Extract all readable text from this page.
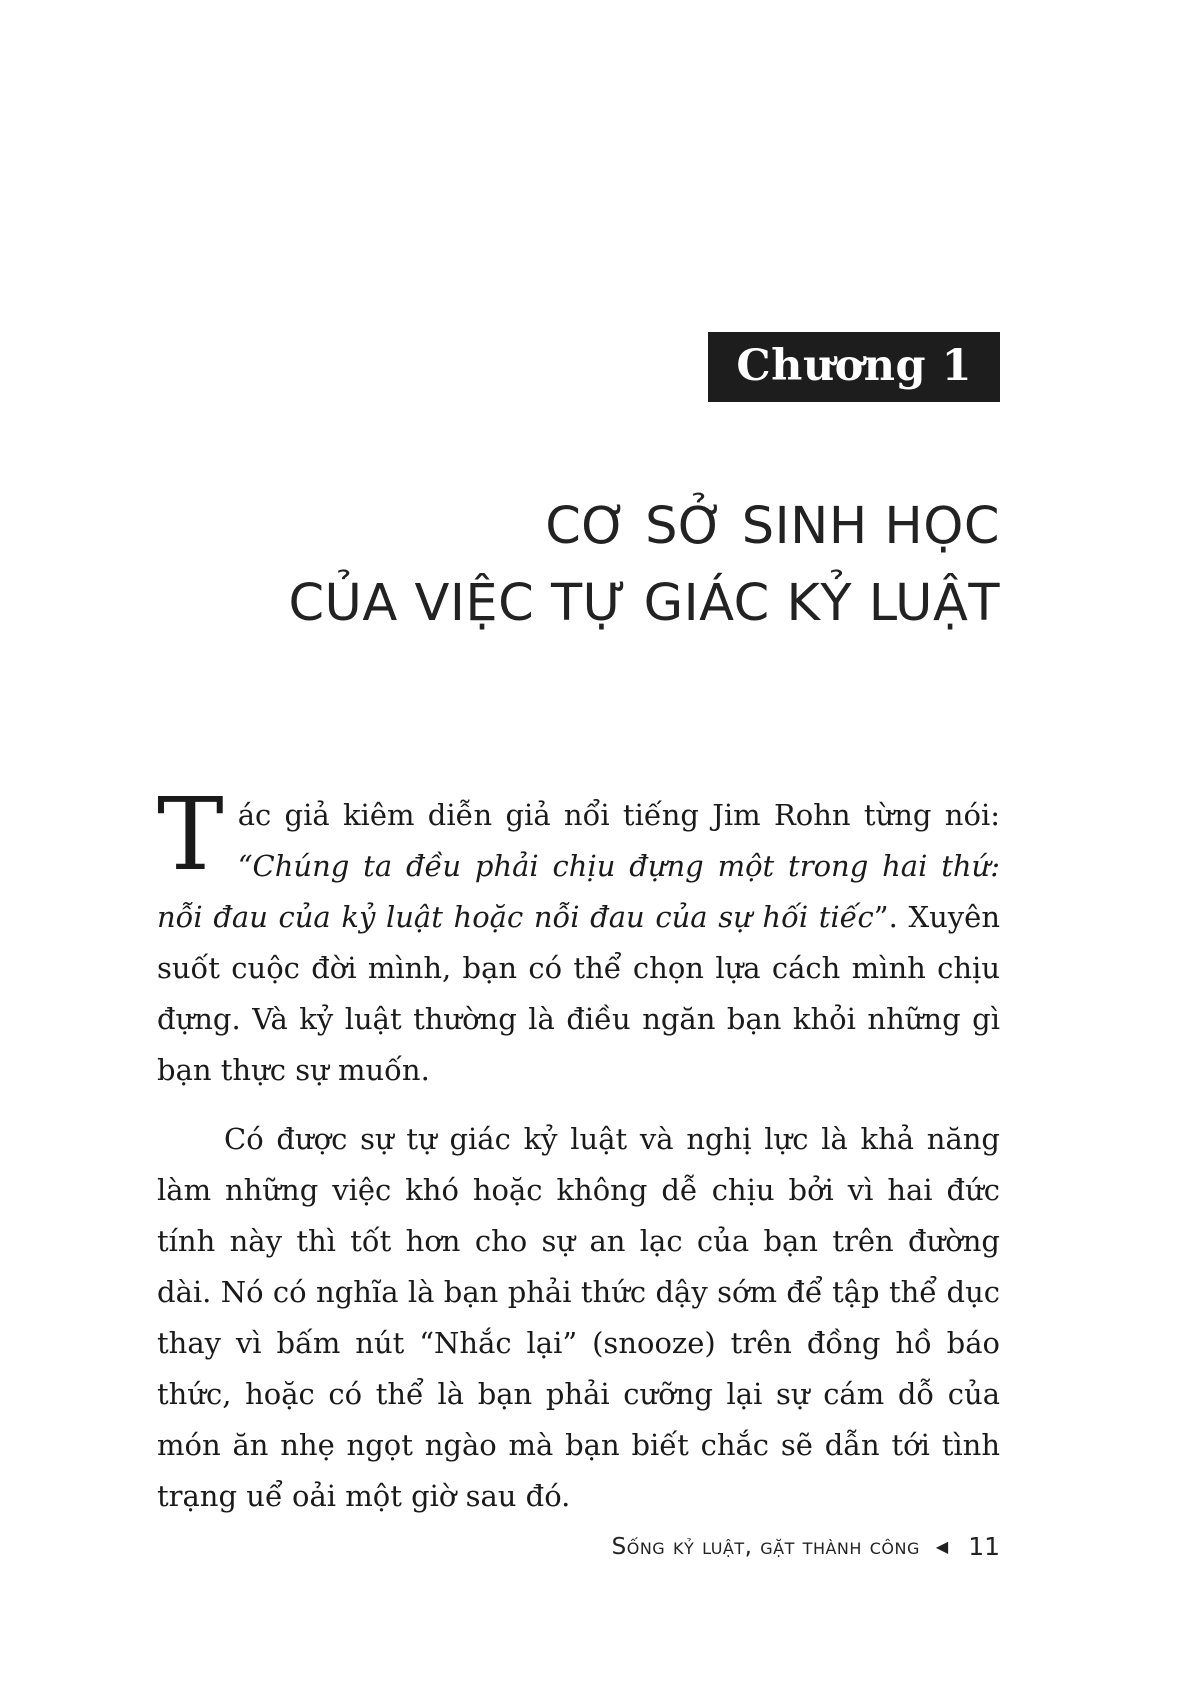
Chương 1
CƠ SỞ SINH HỌC
CỦA VIỆC TỰ GIÁC KỶ LUẬT

Tác giả kiêm diễn giả nổi tiếng Jim Rohn từng nói: “Chúng ta đều phải chịu đựng một trong hai thứ: nỗi đau của kỷ luật hoặc nỗi đau của sự hối tiếc”. Xuyên suốt cuộc đời mình, bạn có thể chọn lựa cách mình chịu đựng. Và kỷ luật thường là điều ngăn bạn khỏi những gì bạn thực sự muốn.

Có được sự tự giác kỷ luật và nghị lực là khả năng làm những việc khó hoặc không dễ chịu bởi vì hai đức tính này thì tốt hơn cho sự an lạc của bạn trên đường dài. Nó có nghĩa là bạn phải thức dậy sớm để tập thể dục thay vì bấm nút “Nhắc lại” (snooze) trên đồng hồ báo thức, hoặc có thể là bạn phải cưỡng lại sự cám dỗ của món ăn nhẹ ngọt ngào mà bạn biết chắc sẽ dẫn tới tình trạng uể oải một giờ sau đó.

Sống kỷ luật, gặt thành công ◀ 11
